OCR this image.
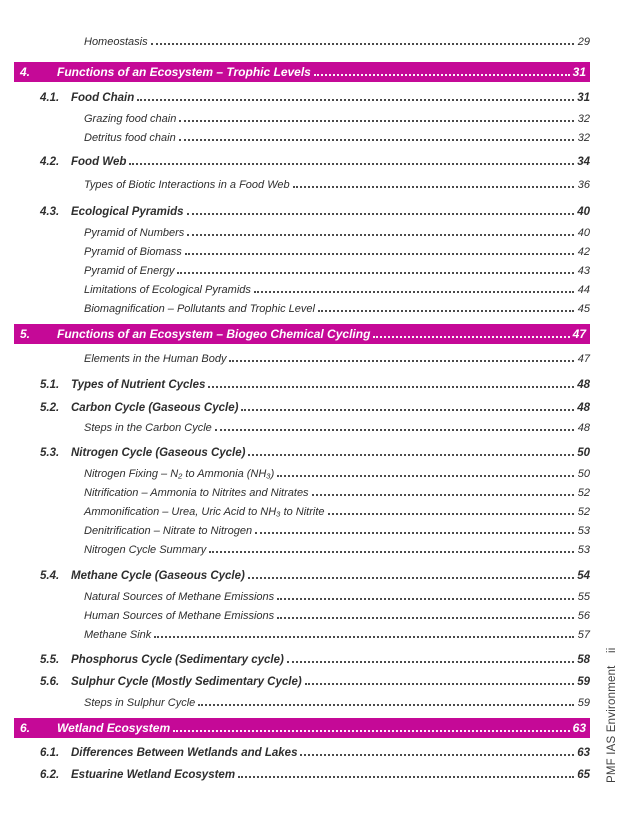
Homeostasis	29
4.	Functions of an Ecosystem – Trophic Levels	31
4.1.	Food Chain	31
Grazing food chain	32
Detritus food chain	32
4.2.	Food Web	34
Types of Biotic Interactions in a Food Web	36
4.3.	Ecological Pyramids	40
Pyramid of Numbers	40
Pyramid of Biomass	42
Pyramid of Energy	43
Limitations of Ecological Pyramids	44
Biomagnification – Pollutants and Trophic Level	45
5.	Functions of an Ecosystem – Biogeo Chemical Cycling	47
Elements in the Human Body	47
5.1.	Types of Nutrient Cycles	48
5.2.	Carbon Cycle (Gaseous Cycle)	48
Steps in the Carbon Cycle	48
5.3.	Nitrogen Cycle (Gaseous Cycle)	50
Nitrogen Fixing – N₂ to Ammonia (NH₃)	50
Nitrification – Ammonia to Nitrites and Nitrates	52
Ammonification – Urea, Uric Acid to NH₃ to Nitrite	52
Denitrification – Nitrate to Nitrogen	53
Nitrogen Cycle Summary	53
5.4.	Methane Cycle (Gaseous Cycle)	54
Natural Sources of Methane Emissions	55
Human Sources of Methane Emissions	56
Methane Sink	57
5.5.	Phosphorus Cycle (Sedimentary cycle)	58
5.6.	Sulphur Cycle (Mostly Sedimentary Cycle)	59
Steps in Sulphur Cycle	59
6.	Wetland Ecosystem	63
6.1.	Differences Between Wetlands and Lakes	63
6.2.	Estuarine Wetland Ecosystem	65
ii
PMF IAS Environment
